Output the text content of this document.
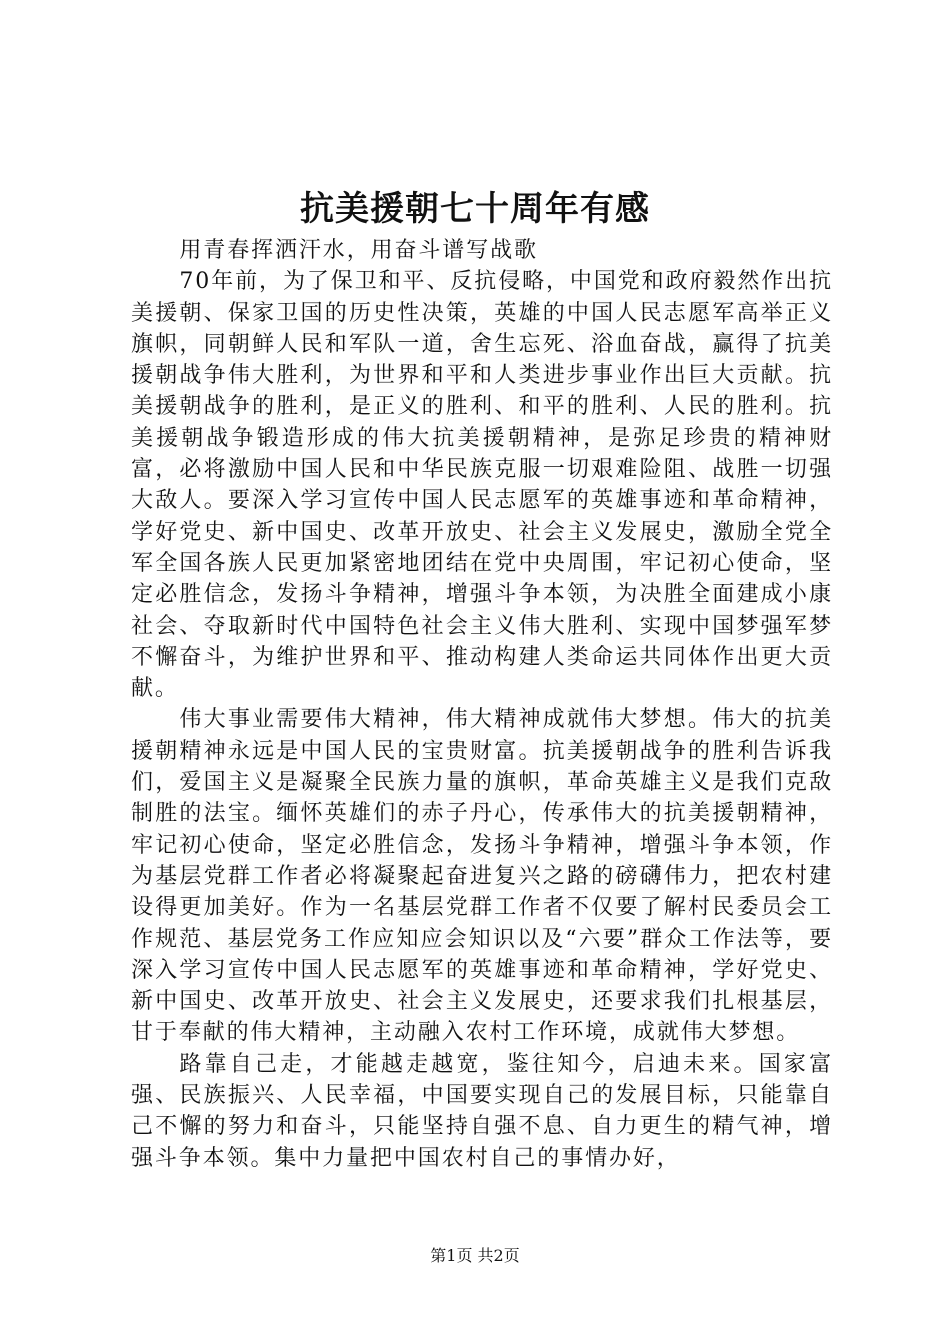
抗美援朝七十周年有感

用青春挥洒汗水，用奋斗谱写战歌

70年前，为了保卫和平、反抗侵略，中国党和政府毅然作出抗美援朝、保家卫国的历史性决策，英雄的中国人民志愿军高举正义旗帜，同朝鲜人民和军队一道，舍生忘死、浴血奋战，赢得了抗美援朝战争伟大胜利，为世界和平和人类进步事业作出巨大贡献。抗美援朝战争的胜利，是正义的胜利、和平的胜利、人民的胜利。抗美援朝战争锻造形成的伟大抗美援朝精神，是弥足珍贵的精神财富，必将激励中国人民和中华民族克服一切艰难险阻、战胜一切强大敌人。要深入学习宣传中国人民志愿军的英雄事迹和革命精神，学好党史、新中国史、改革开放史、社会主义发展史，激励全党全军全国各族人民更加紧密地团结在党中央周围，牢记初心使命，坚定必胜信念，发扬斗争精神，增强斗争本领，为决胜全面建成小康社会、夺取新时代中国特色社会主义伟大胜利、实现中国梦强军梦不懈奋斗，为维护世界和平、推动构建人类命运共同体作出更大贡献。

伟大事业需要伟大精神，伟大精神成就伟大梦想。伟大的抗美援朝精神永远是中国人民的宝贵财富。抗美援朝战争的胜利告诉我们，爱国主义是凝聚全民族力量的旗帜，革命英雄主义是我们克敌制胜的法宝。缅怀英雄们的赤子丹心，传承伟大的抗美援朝精神，牢记初心使命，坚定必胜信念，发扬斗争精神，增强斗争本领，作为基层党群工作者必将凝聚起奋进复兴之路的磅礴伟力，把农村建设得更加美好。作为一名基层党群工作者不仅要了解村民委员会工作规范、基层党务工作应知应会知识以及“六要”群众工作法等，要深入学习宣传中国人民志愿军的英雄事迹和革命精神，学好党史、新中国史、改革开放史、社会主义发展史，还要求我们扎根基层，甘于奉献的伟大精神，主动融入农村工作环境，成就伟大梦想。

路靠自己走，才能越走越宽，鉴往知今，启迪未来。国家富强、民族振兴、人民幸福，中国要实现自己的发展目标，只能靠自己不懈的努力和奋斗，只能坚持自强不息、自力更生的精气神，增强斗争本领。集中力量把中国农村自己的事情办好，

第1页 共2页
